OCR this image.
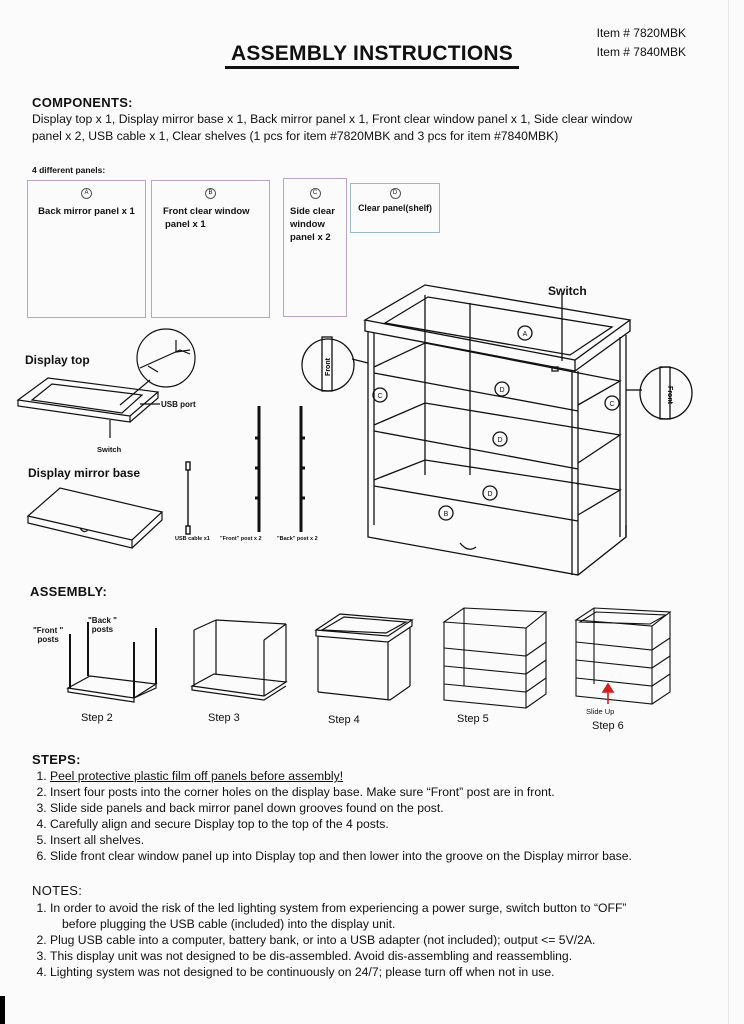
Item # 7820MBK
Item # 7840MBK
ASSEMBLY INSTRUCTIONS
COMPONENTS:
Display top x 1, Display mirror base x 1, Back mirror panel x 1, Front clear window panel x 1, Side clear window
panel x 2, USB cable x 1, Clear shelves (1 pcs for item #7820MBK and 3 pcs for item #7840MBK)
4 different panels:
A
Back mirror panel x 1
B
Front clear window
panel x 1
C
Side clear
window
panel x 2
D
Clear panel(shelf)
Display top
Display mirror base
USB port
Switch
USB cable x1 "Front" post x 2	"Back" post x 2
Switch
A
C
C
D
D
D
B
Front
Front
ASSEMBLY:
"Front "
posts
"Back "
posts
Step 2	Step 3	Step 4	Step 5
Slide Up
Step 6
STEPS:
1. Peel protective plastic film off panels before assembly!
2. Insert four posts into the corner holes on the display base. Make sure “Front” post are in front.
3. Slide side panels and back mirror panel down grooves found on the post.
4. Carefully align and secure Display top to the top of the 4 posts.
5. Insert all shelves.
6. Slide front clear window panel up into Display top and then lower into the groove on the Display mirror base.
NOTES:
1. In order to avoid the risk of the led lighting system from experiencing a power surge, switch button to “OFF”
before plugging the USB cable (included) into the display unit.
2. Plug USB cable into a computer, battery bank, or into a USB adapter (not included); output <= 5V/2A.
3. This display unit was not designed to be dis-assembled. Avoid dis-assembling and reassembling.
4. Lighting system was not designed to be continuously on 24/7; please turn off when not in use.
